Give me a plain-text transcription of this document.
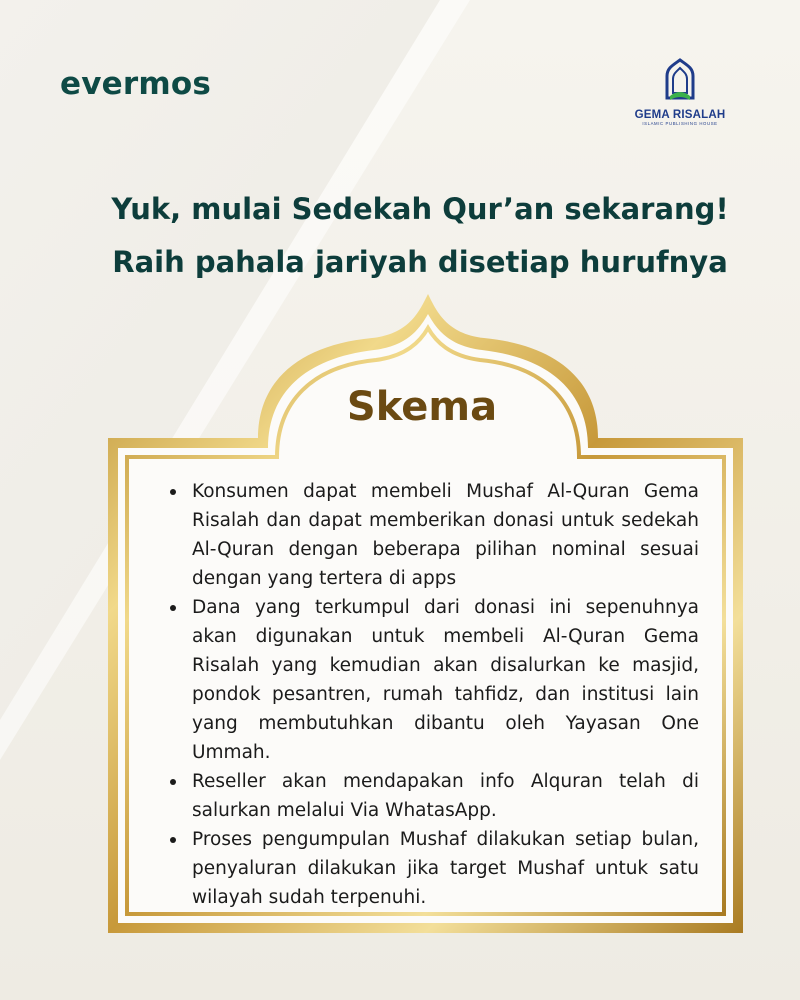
evermos
GEMA RISALAH
ISLAMIC PUBLISHING HOUSE
Yuk, mulai Sedekah Qur’an sekarang!
Raih pahala jariyah disetiap hurufnya
Skema
Konsumen dapat membeli Mushaf Al-Quran Gema Risalah dan dapat memberikan donasi untuk sedekah Al-Quran dengan beberapa pilihan nominal sesuai dengan yang tertera di apps
Dana yang terkumpul dari donasi ini sepenuhnya akan digunakan untuk membeli Al-Quran Gema Risalah yang kemudian akan disalurkan ke masjid, pondok pesantren, rumah tahfidz, dan institusi lain yang membutuhkan dibantu oleh Yayasan One Ummah.
Reseller akan mendapakan info Alquran telah di salurkan melalui Via WhatasApp.
Proses pengumpulan Mushaf dilakukan setiap bulan, penyaluran dilakukan jika target Mushaf untuk satu wilayah sudah terpenuhi.
